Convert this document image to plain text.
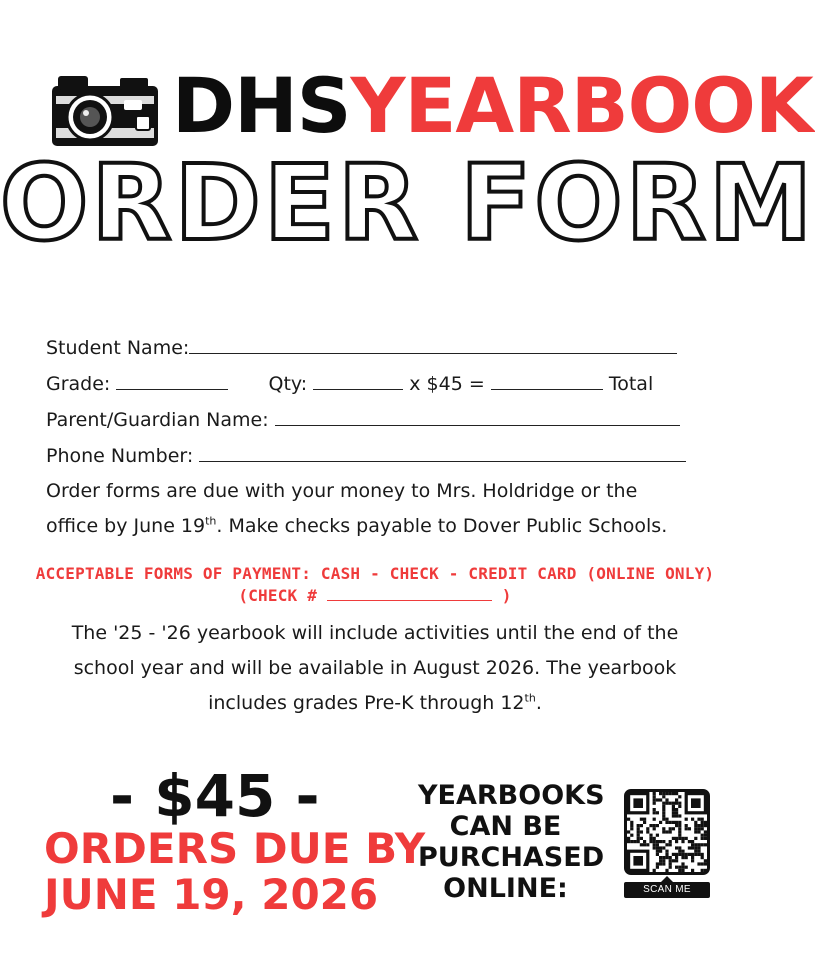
DHSYEARBOOK
ORDER FORM
Student Name:
Grade:	Qty:	x $45 =	Total
Parent/Guardian Name:
Phone Number:
Order forms are due with your money to Mrs. Holdridge or the
office by June 19th. Make checks payable to Dover Public Schools.
ACCEPTABLE FORMS OF PAYMENT: CASH - CHECK - CREDIT CARD (ONLINE ONLY)
(CHECK #	)
The '25 - '26 yearbook will include activities until the end of the
school year and will be available in August 2026. The yearbook
includes grades Pre-K through 12th.
- $45 -
ORDERS DUE BY
JUNE 19, 2026
YEARBOOKS
CAN BE
PURCHASED
ONLINE:	SCAN ME
